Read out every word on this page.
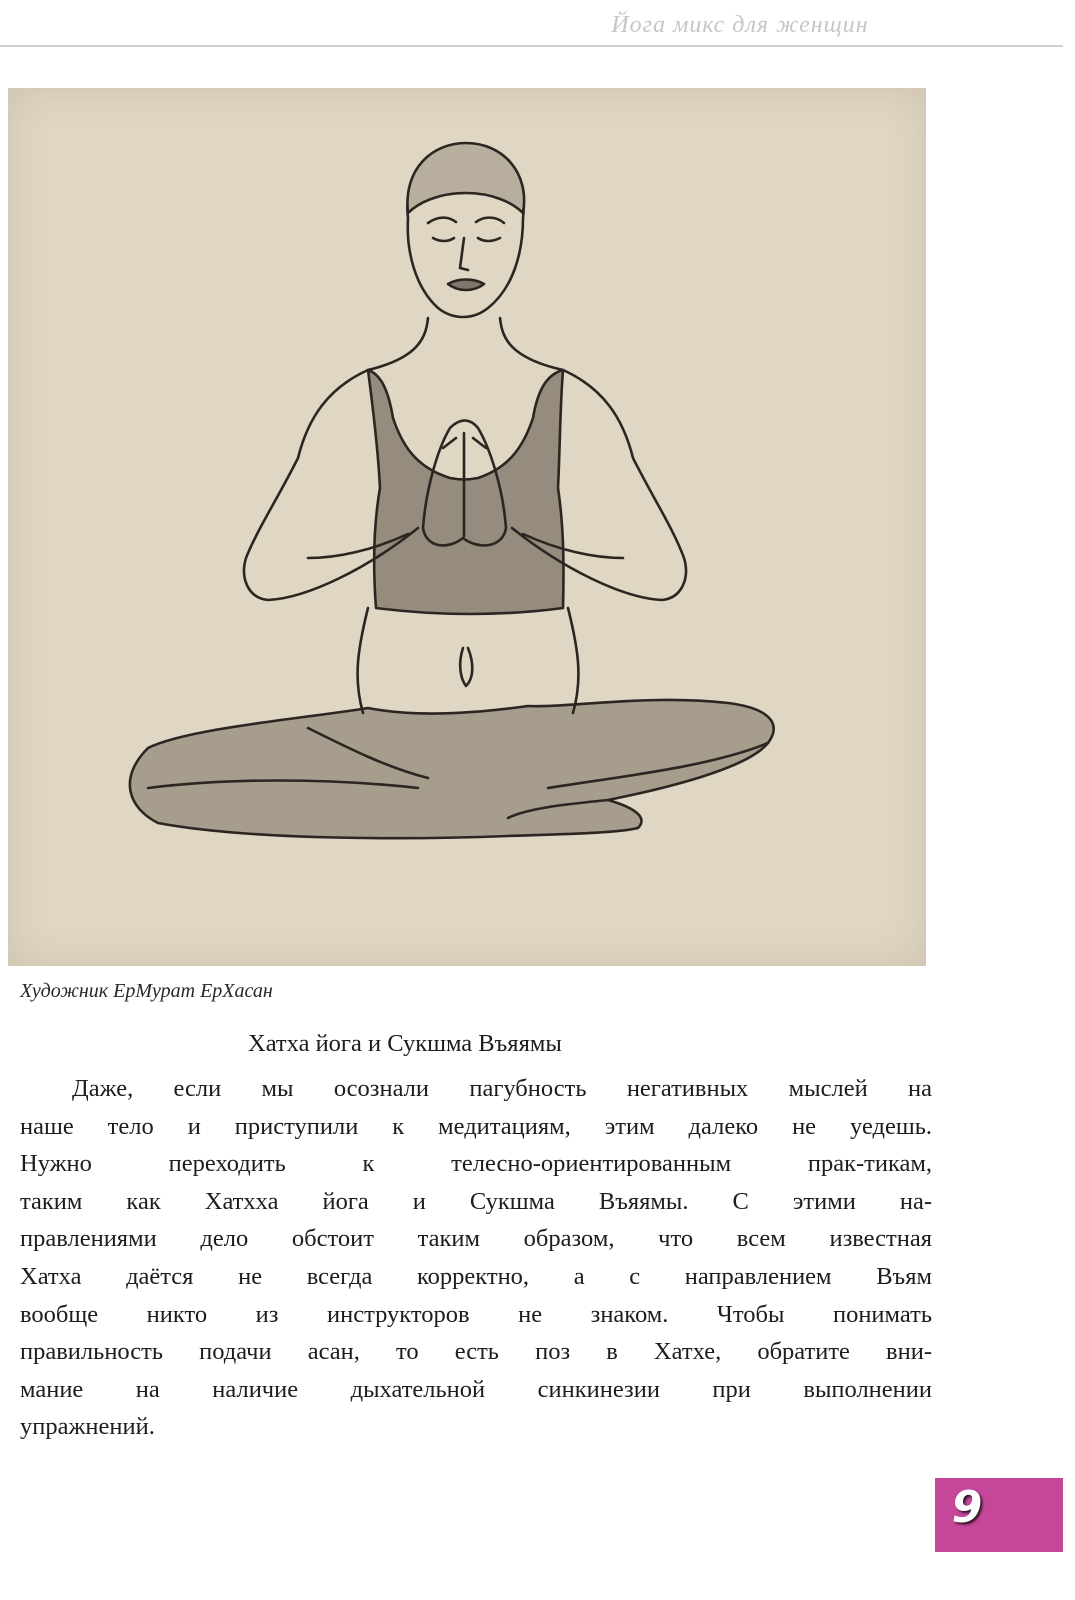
Йога микс для женщин
Художник ЕрМурат ЕрХасан
Хатха йога и Сукшма Въяямы
Даже, если мы осознали пагубность негативных мыслей на
наше тело и приступили к медитациям, этим далеко не уедешь.
Нужно переходить к телесно-ориентированным прак-тикам,
таким как Хатхха йога и Сукшма Въяямы. С этими на-
правлениями дело обстоит таким образом, что всем известная
Хатха даётся не всегда корректно, а с направлением Въям
вообще никто из инструкторов не знаком. Чтобы понимать
правильность подачи асан, то есть поз в Хатхе, обратите вни-
мание на наличие дыхательной синкинезии при выполнении
упражнений.
9
